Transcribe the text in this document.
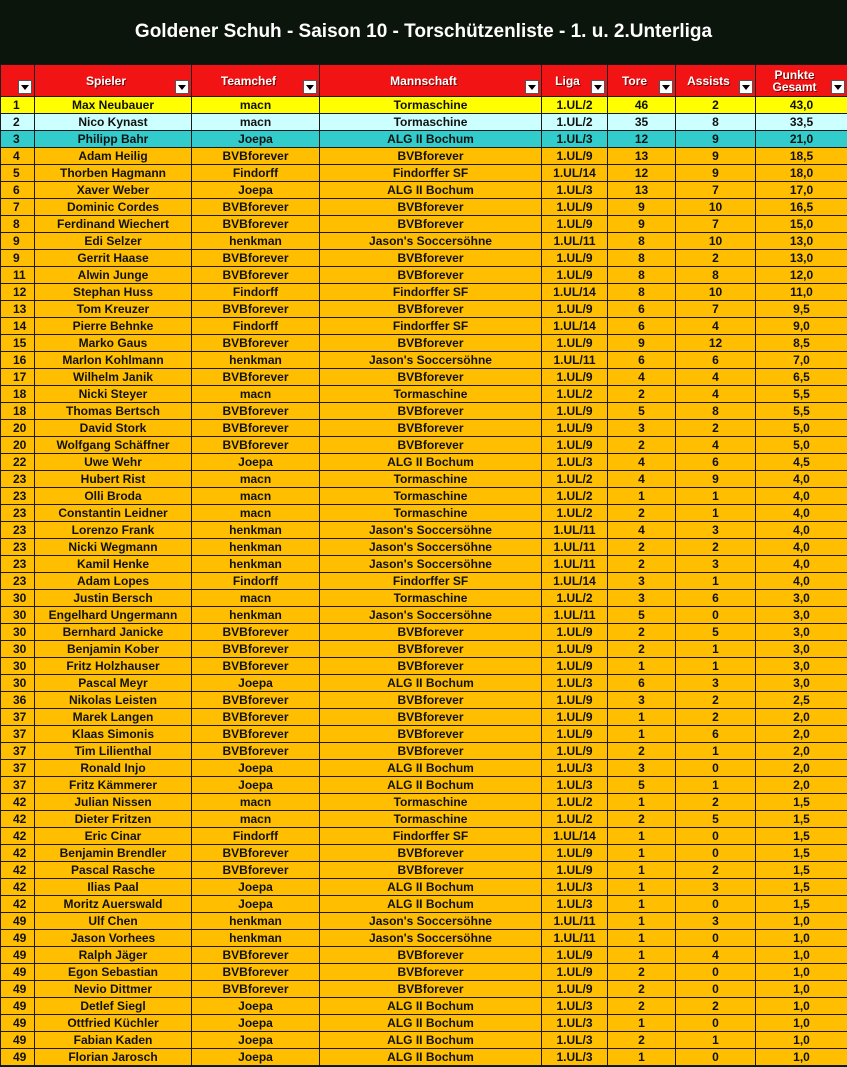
Goldener Schuh - Saison 10 - Torschützenliste - 1. u. 2.Unterliga

	Spieler	Teamchef	Mannschaft	Liga	Tore	Assists	Punkte Gesamt

1	Max Neubauer	macn	Tormaschine	1.UL/2	46	2	43,0
2	Nico Kynast	macn	Tormaschine	1.UL/2	35	8	33,5
3	Philipp Bahr	Joepa	ALG II Bochum	1.UL/3	12	9	21,0
4	Adam Heilig	BVBforever	BVBforever	1.UL/9	13	9	18,5
5	Thorben Hagmann	Findorff	Findorffer SF	1.UL/14	12	9	18,0
6	Xaver Weber	Joepa	ALG II Bochum	1.UL/3	13	7	17,0
7	Dominic Cordes	BVBforever	BVBforever	1.UL/9	9	10	16,5
8	Ferdinand Wiechert	BVBforever	BVBforever	1.UL/9	9	7	15,0
9	Edi Selzer	henkman	Jason's Soccersöhne	1.UL/11	8	10	13,0
9	Gerrit Haase	BVBforever	BVBforever	1.UL/9	8	2	13,0
11	Alwin Junge	BVBforever	BVBforever	1.UL/9	8	8	12,0
12	Stephan Huss	Findorff	Findorffer SF	1.UL/14	8	10	11,0
13	Tom Kreuzer	BVBforever	BVBforever	1.UL/9	6	7	9,5
14	Pierre Behnke	Findorff	Findorffer SF	1.UL/14	6	4	9,0
15	Marko Gaus	BVBforever	BVBforever	1.UL/9	9	12	8,5
16	Marlon Kohlmann	henkman	Jason's Soccersöhne	1.UL/11	6	6	7,0
17	Wilhelm Janik	BVBforever	BVBforever	1.UL/9	4	4	6,5
18	Nicki Steyer	macn	Tormaschine	1.UL/2	2	4	5,5
18	Thomas Bertsch	BVBforever	BVBforever	1.UL/9	5	8	5,5
20	David Stork	BVBforever	BVBforever	1.UL/9	3	2	5,0
20	Wolfgang Schäffner	BVBforever	BVBforever	1.UL/9	2	4	5,0
22	Uwe Wehr	Joepa	ALG II Bochum	1.UL/3	4	6	4,5
23	Hubert Rist	macn	Tormaschine	1.UL/2	4	9	4,0
23	Olli Broda	macn	Tormaschine	1.UL/2	1	1	4,0
23	Constantin Leidner	macn	Tormaschine	1.UL/2	2	1	4,0
23	Lorenzo Frank	henkman	Jason's Soccersöhne	1.UL/11	4	3	4,0
23	Nicki Wegmann	henkman	Jason's Soccersöhne	1.UL/11	2	2	4,0
23	Kamil Henke	henkman	Jason's Soccersöhne	1.UL/11	2	3	4,0
23	Adam Lopes	Findorff	Findorffer SF	1.UL/14	3	1	4,0
30	Justin Bersch	macn	Tormaschine	1.UL/2	3	6	3,0
30	Engelhard Ungermann	henkman	Jason's Soccersöhne	1.UL/11	5	0	3,0
30	Bernhard Janicke	BVBforever	BVBforever	1.UL/9	2	5	3,0
30	Benjamin Kober	BVBforever	BVBforever	1.UL/9	2	1	3,0
30	Fritz Holzhauser	BVBforever	BVBforever	1.UL/9	1	1	3,0
30	Pascal Meyr	Joepa	ALG II Bochum	1.UL/3	6	3	3,0
36	Nikolas Leisten	BVBforever	BVBforever	1.UL/9	3	2	2,5
37	Marek Langen	BVBforever	BVBforever	1.UL/9	1	2	2,0
37	Klaas Simonis	BVBforever	BVBforever	1.UL/9	1	6	2,0
37	Tim Lilienthal	BVBforever	BVBforever	1.UL/9	2	1	2,0
37	Ronald Injo	Joepa	ALG II Bochum	1.UL/3	3	0	2,0
37	Fritz Kämmerer	Joepa	ALG II Bochum	1.UL/3	5	1	2,0
42	Julian Nissen	macn	Tormaschine	1.UL/2	1	2	1,5
42	Dieter Fritzen	macn	Tormaschine	1.UL/2	2	5	1,5
42	Eric Cinar	Findorff	Findorffer SF	1.UL/14	1	0	1,5
42	Benjamin Brendler	BVBforever	BVBforever	1.UL/9	1	0	1,5
42	Pascal Rasche	BVBforever	BVBforever	1.UL/9	1	2	1,5
42	Ilias Paal	Joepa	ALG II Bochum	1.UL/3	1	3	1,5
42	Moritz Auerswald	Joepa	ALG II Bochum	1.UL/3	1	0	1,5
49	Ulf Chen	henkman	Jason's Soccersöhne	1.UL/11	1	3	1,0
49	Jason Vorhees	henkman	Jason's Soccersöhne	1.UL/11	1	0	1,0
49	Ralph Jäger	BVBforever	BVBforever	1.UL/9	1	4	1,0
49	Egon Sebastian	BVBforever	BVBforever	1.UL/9	2	0	1,0
49	Nevio Dittmer	BVBforever	BVBforever	1.UL/9	2	0	1,0
49	Detlef Siegl	Joepa	ALG II Bochum	1.UL/3	2	2	1,0
49	Ottfried Küchler	Joepa	ALG II Bochum	1.UL/3	1	0	1,0
49	Fabian Kaden	Joepa	ALG II Bochum	1.UL/3	2	1	1,0
49	Florian Jarosch	Joepa	ALG II Bochum	1.UL/3	1	0	1,0
